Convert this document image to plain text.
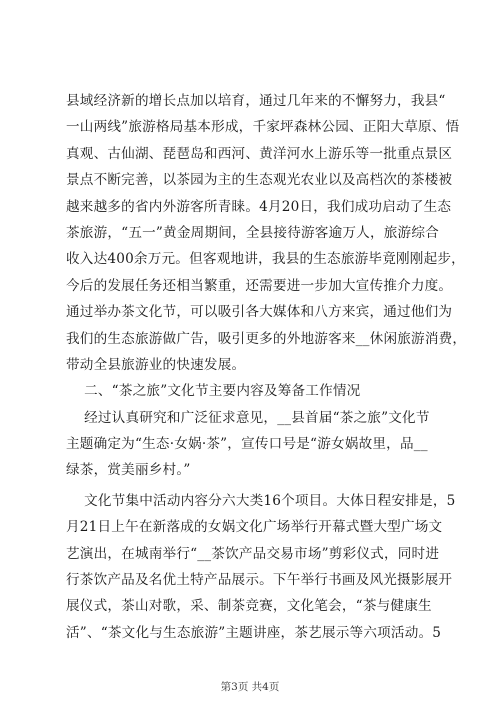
县域经济新的增长点加以培育，通过几年来的不懈努力，我县“
一山两线”旅游格局基本形成，千家坪森林公园、正阳大草原、悟
真观、古仙湖、琵琶岛和西河、黄洋河水上游乐等一批重点景区
景点不断完善，以茶园为主的生态观光农业以及高档次的茶楼被
越来越多的省内外游客所青睐。4月20日，我们成功启动了生态
茶旅游，“五一”黄金周期间，全县接待游客逾万人，旅游综合
收入达400余万元。但客观地讲，我县的生态旅游毕竟刚刚起步，
今后的发展任务还相当繁重，还需要进一步加大宣传推介力度。
通过举办茶文化节，可以吸引各大媒体和八方来宾，通过他们为
我们的生态旅游做广告，吸引更多的外地游客来__休闲旅游消费，
带动全县旅游业的快速发展。
二、“茶之旅”文化节主要内容及筹备工作情况
经过认真研究和广泛征求意见，__县首届“茶之旅”文化节
主题确定为“生态·女娲·茶”，宣传口号是“游女娲故里，品__
绿茶，赏美丽乡村。”
文化节集中活动内容分六大类16个项目。大体日程安排是，5
月21日上午在新落成的女娲文化广场举行开幕式暨大型广场文
艺演出，在城南举行“__茶饮产品交易市场”剪彩仪式，同时进
行茶饮产品及名优土特产品展示。下午举行书画及风光摄影展开
展仪式，茶山对歌，采、制茶竞赛，文化笔会，“茶与健康生
活”、“茶文化与生态旅游”主题讲座，茶艺展示等六项活动。5
第3页 共4页
